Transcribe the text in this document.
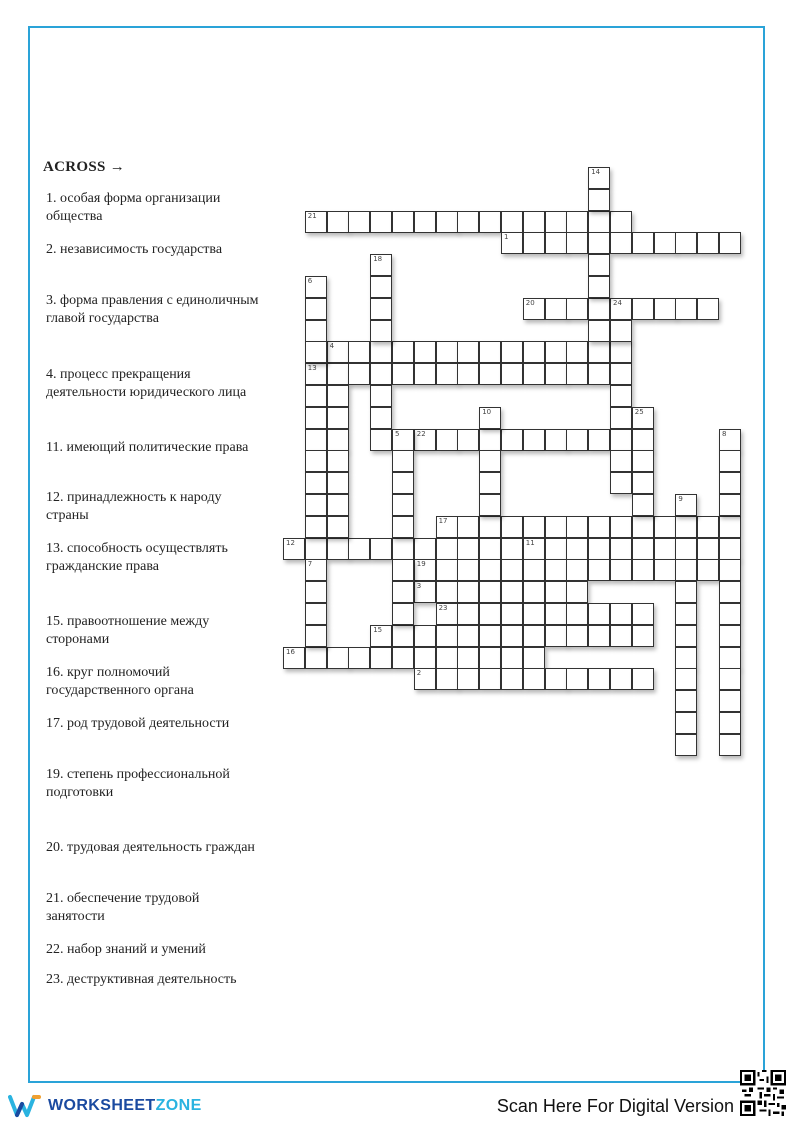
ACROSS →
1. особая форма организации общества
2. независимость государства
3. форма правления с единоличным главой государства
4. процесс прекращения деятельности юридического лица
11. имеющий политические права
12. принадлежность к народу страны
13. способность осуществлять гражданские права
15. правоотношение между сторонами
16. круг полномочий государственного органа
17. род трудовой деятельности
19. степень профессиональной подготовки
20. трудовая деятельность граждан
21. обеспечение трудовой занятости
22. набор знаний и умений
23. деструктивная деятельность
21
1
20	24
4
13
22
17
12	11
19
3
23
15
16
2
14
18
6
10	25
5	8
9
7
WORKSHEETZONE	Scan Here For Digital Version
